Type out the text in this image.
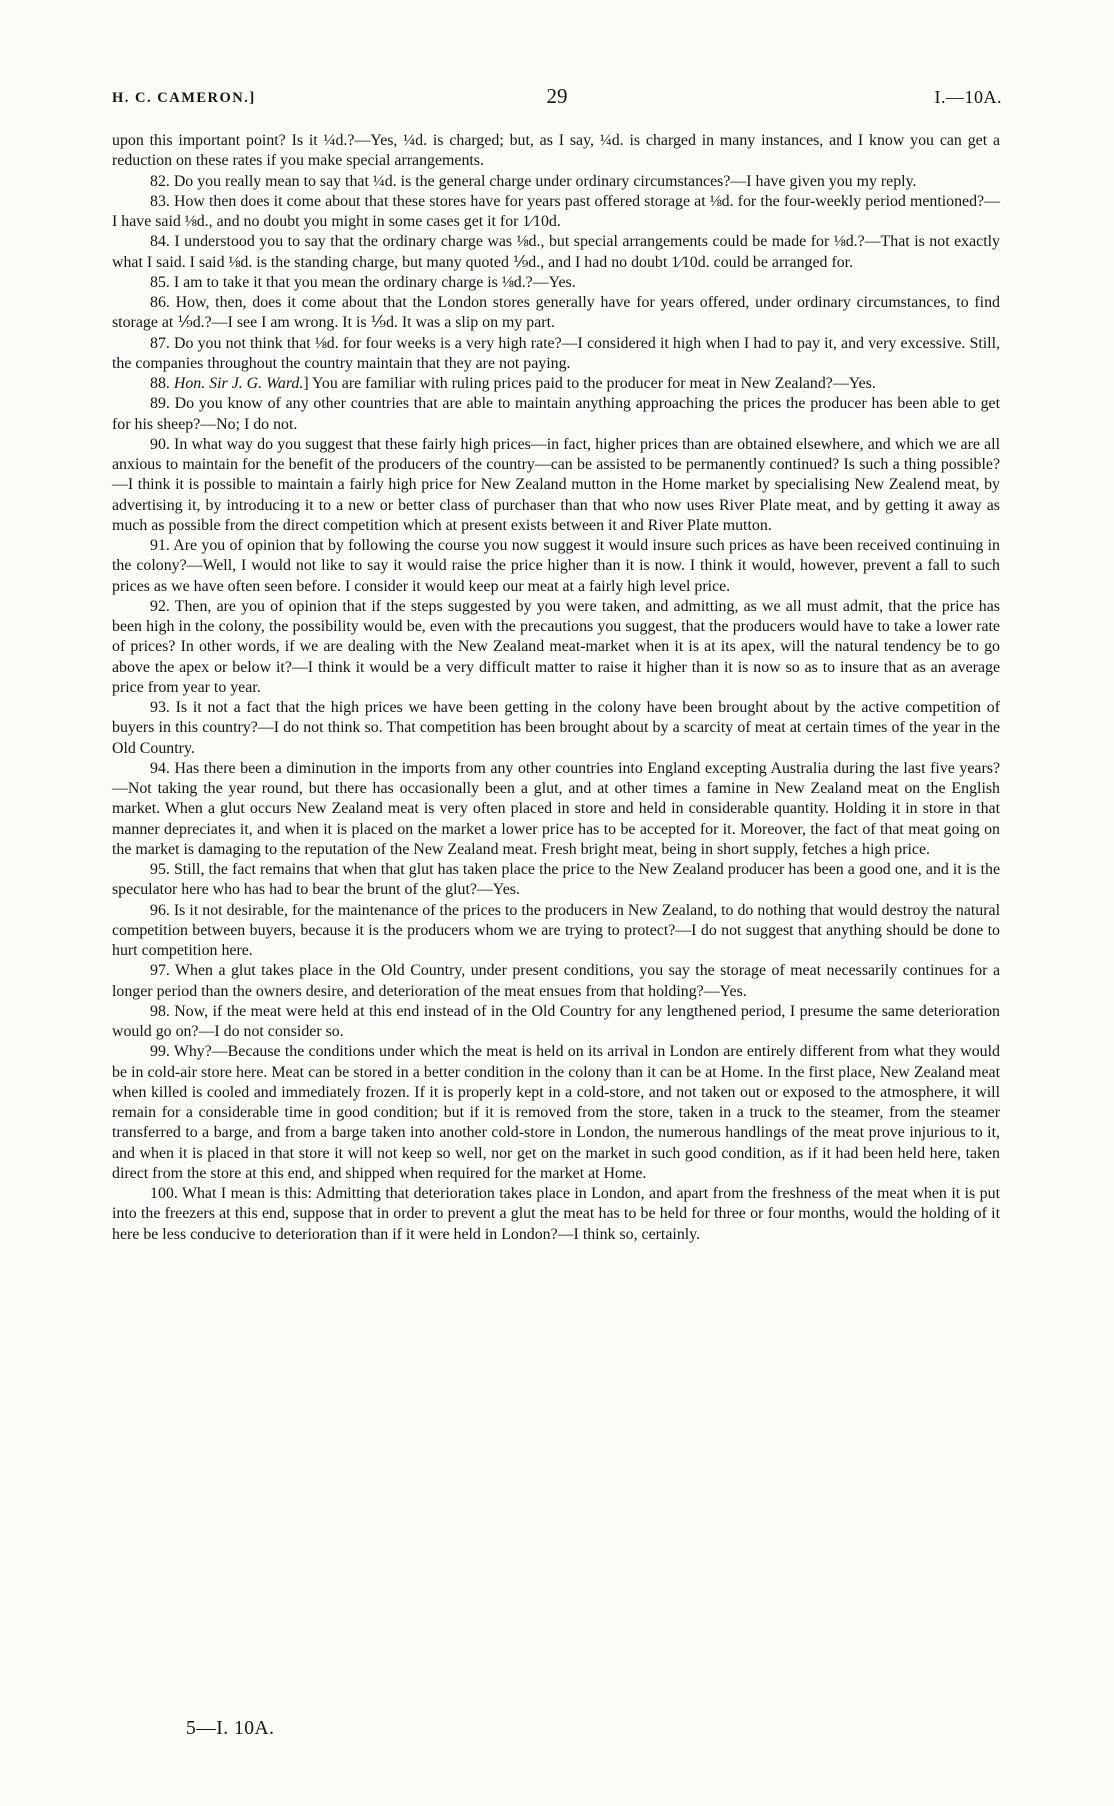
H. C. CAMERON.]	29	I.—10A.

upon this important point? Is it ¼d.?—Yes, ¼d. is charged; but, as I say, ¼d. is charged in many instances, and I know you can get a reduction on these rates if you make special arrangements.

82. Do you really mean to say that ¼d. is the general charge under ordinary circumstances?—I have given you my reply.

83. How then does it come about that these stores have for years past offered storage at ⅛d. for the four-weekly period mentioned?—I have said ⅛d., and no doubt you might in some cases get it for 1⁄10d.

84. I understood you to say that the ordinary charge was ⅛d., but special arrangements could be made for ⅛d.?—That is not exactly what I said. I said ⅛d. is the standing charge, but many quoted ⅑d., and I had no doubt 1⁄10d. could be arranged for.

85. I am to take it that you mean the ordinary charge is ⅛d.?—Yes.

86. How, then, does it come about that the London stores generally have for years offered, under ordinary circumstances, to find storage at ⅑d.?—I see I am wrong. It is ⅑d. It was a slip on my part.

87. Do you not think that ⅛d. for four weeks is a very high rate?—I considered it high when I had to pay it, and very excessive. Still, the companies throughout the country maintain that they are not paying.

88. Hon. Sir J. G. Ward.] You are familiar with ruling prices paid to the producer for meat in New Zealand?—Yes.

89. Do you know of any other countries that are able to maintain anything approaching the prices the producer has been able to get for his sheep?—No; I do not.

90. In what way do you suggest that these fairly high prices—in fact, higher prices than are obtained elsewhere, and which we are all anxious to maintain for the benefit of the producers of the country—can be assisted to be permanently continued? Is such a thing possible?—I think it is possible to maintain a fairly high price for New Zealand mutton in the Home market by specialising New Zealend meat, by advertising it, by introducing it to a new or better class of purchaser than that who now uses River Plate meat, and by getting it away as much as possible from the direct competition which at present exists between it and River Plate mutton.

91. Are you of opinion that by following the course you now suggest it would insure such prices as have been received continuing in the colony?—Well, I would not like to say it would raise the price higher than it is now. I think it would, however, prevent a fall to such prices as we have often seen before. I consider it would keep our meat at a fairly high level price.

92. Then, are you of opinion that if the steps suggested by you were taken, and admitting, as we all must admit, that the price has been high in the colony, the possibility would be, even with the precautions you suggest, that the producers would have to take a lower rate of prices? In other words, if we are dealing with the New Zealand meat-market when it is at its apex, will the natural tendency be to go above the apex or below it?—I think it would be a very difficult matter to raise it higher than it is now so as to insure that as an average price from year to year.

93. Is it not a fact that the high prices we have been getting in the colony have been brought about by the active competition of buyers in this country?—I do not think so. That competition has been brought about by a scarcity of meat at certain times of the year in the Old Country.

94. Has there been a diminution in the imports from any other countries into England excepting Australia during the last five years?—Not taking the year round, but there has occasionally been a glut, and at other times a famine in New Zealand meat on the English market. When a glut occurs New Zealand meat is very often placed in store and held in considerable quantity. Holding it in store in that manner depreciates it, and when it is placed on the market a lower price has to be accepted for it. Moreover, the fact of that meat going on the market is damaging to the reputation of the New Zealand meat. Fresh bright meat, being in short supply, fetches a high price.

95. Still, the fact remains that when that glut has taken place the price to the New Zealand producer has been a good one, and it is the speculator here who has had to bear the brunt of the glut?—Yes.

96. Is it not desirable, for the maintenance of the prices to the producers in New Zealand, to do nothing that would destroy the natural competition between buyers, because it is the producers whom we are trying to protect?—I do not suggest that anything should be done to hurt competition here.

97. When a glut takes place in the Old Country, under present conditions, you say the storage of meat necessarily continues for a longer period than the owners desire, and deterioration of the meat ensues from that holding?—Yes.

98. Now, if the meat were held at this end instead of in the Old Country for any lengthened period, I presume the same deterioration would go on?—I do not consider so.

99. Why?—Because the conditions under which the meat is held on its arrival in London are entirely different from what they would be in cold-air store here. Meat can be stored in a better condition in the colony than it can be at Home. In the first place, New Zealand meat when killed is cooled and immediately frozen. If it is properly kept in a cold-store, and not taken out or exposed to the atmosphere, it will remain for a considerable time in good condition; but if it is removed from the store, taken in a truck to the steamer, from the steamer transferred to a barge, and from a barge taken into another cold-store in London, the numerous handlings of the meat prove injurious to it, and when it is placed in that store it will not keep so well, nor get on the market in such good condition, as if it had been held here, taken direct from the store at this end, and shipped when required for the market at Home.

100. What I mean is this: Admitting that deterioration takes place in London, and apart from the freshness of the meat when it is put into the freezers at this end, suppose that in order to prevent a glut the meat has to be held for three or four months, would the holding of it here be less conducive to deterioration than if it were held in London?—I think so, certainly.

5—I. 10A.
